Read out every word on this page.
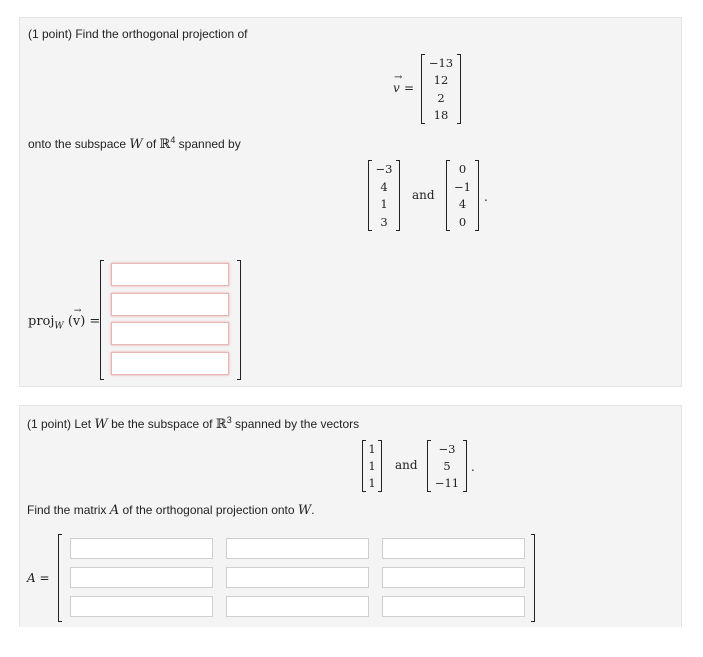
(1 point) Find the orthogonal projection of
→
v =
−13
12
2
18
onto the subspace W of ℝ$^4$ spanned by
−3
4
1
3
and
0
−1
4
0
.
proj$_W$
→
(v) =
(1 point) Let W be the subspace of ℝ$^3$ spanned by the vectors
1
1
1
and
−3
5
−11
.
Find the matrix A of the orthogonal projection onto W.
A =
